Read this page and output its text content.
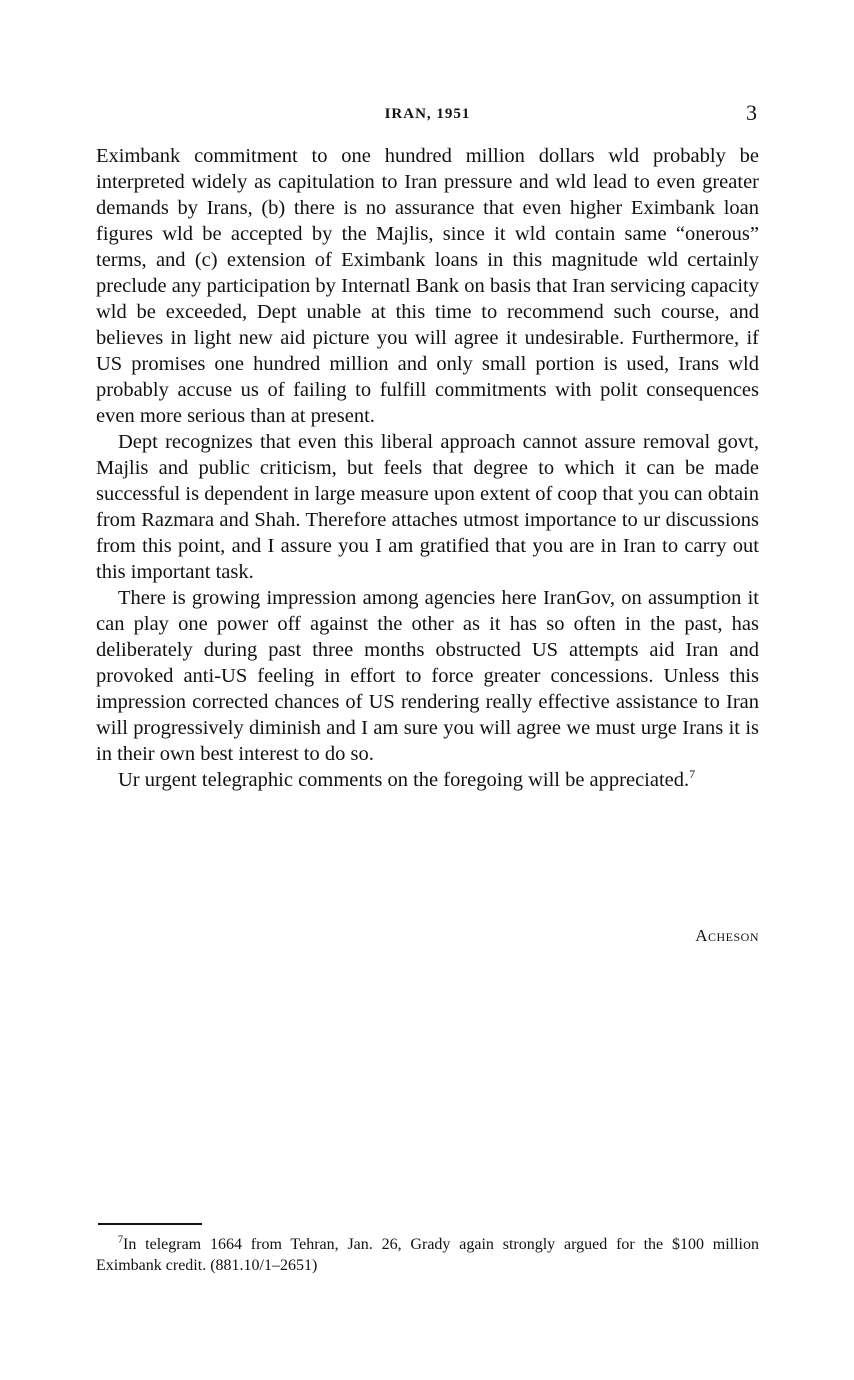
IRAN, 1951	3

Eximbank commitment to one hundred million dollars wld probably be interpreted widely as capitulation to Iran pressure and wld lead to even greater demands by Irans, (b) there is no assurance that even higher Eximbank loan figures wld be accepted by the Majlis, since it wld contain same “onerous” terms, and (c) extension of Eximbank loans in this magnitude wld certainly preclude any participation by Internatl Bank on basis that Iran servicing capacity wld be exceeded, Dept unable at this time to recommend such course, and believes in light new aid picture you will agree it undesirable. Furthermore, if US promises one hundred million and only small portion is used, Irans wld probably accuse us of failing to fulfill commitments with polit consequences even more serious than at present.

Dept recognizes that even this liberal approach cannot assure removal govt, Majlis and public criticism, but feels that degree to which it can be made successful is dependent in large measure upon extent of coop that you can obtain from Razmara and Shah. Therefore attaches utmost importance to ur discussions from this point, and I assure you I am gratified that you are in Iran to carry out this important task.

There is growing impression among agencies here IranGov, on assumption it can play one power off against the other as it has so often in the past, has deliberately during past three months obstructed US attempts aid Iran and provoked anti-US feeling in effort to force greater concessions. Unless this impression corrected chances of US rendering really effective assistance to Iran will progressively diminish and I am sure you will agree we must urge Irans it is in their own best interest to do so.

Ur urgent telegraphic comments on the foregoing will be appreciated.$^7$

Acheson

$^7$In telegram 1664 from Tehran, Jan. 26, Grady again strongly argued for the $100 million Eximbank credit. (881.10/1–2651)
